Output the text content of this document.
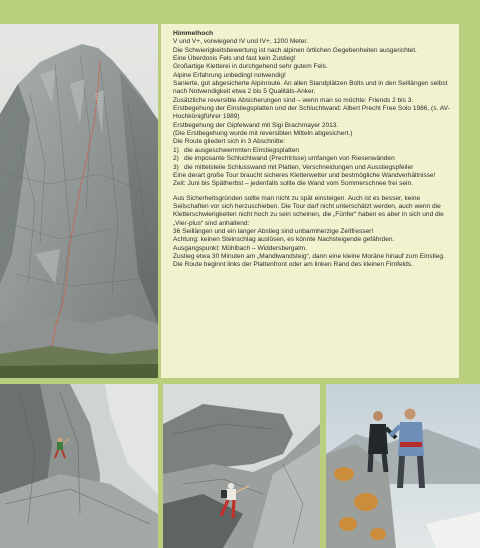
Himmelhoch

V und V+, vorwiegend IV und IV+, 1200 Meter.

Die Schwierigkeitsbewertung ist nach alpinen örtlichen Gegebenheiten ausgerichtet.

Eine Überdosis Fels und fast kein Zustieg!

Großartige Kletterei in durchgehend sehr gutem Fels.

Alpine Erfahrung unbedingt notwendig!

Sanierte, gut abgesicherte Alpinroute. An allen Standplätzen Bolts und in den Seillängen selbst nach Notwendigkeit etwa 2 bis 5 Qualitäts-Anker.

Zusätzliche reversible Absicherungen sind – wenn man so möchte: Friends 2 bis 3.

Erstbegehung der Einstiegsplatten und der Schluchtwand: Albert Precht Free Solo 1986, (s. AV-Hochkönigführer 1989)

Erstbegehung der Gipfelwand mit Sigi Brachmayer 2013.

(Die Erstbegehung wurde mit reversiblen Mitteln abgesichert.)

Die Route gliedert sich in 3 Abschnitte:

1) die ausgeschwemmten Einstiegsplatten
2) die imposante Schluchtwand (Prechtrisse) umfangen von Riesenwänden
3) die mittelsteile Schlusswand mit Platten, Verschneidungen und Ausstiegspfeiler

Eine derart große Tour braucht sicheres Kletterwetter und bestmögliche Wandverhältnisse!

Zeit: Juni bis Spätherbst – jedenfalls sollte die Wand vom Sommerschnee frei sein.

Aus Sicherheitsgründen sollte man nicht zu spät einsteigen. Auch ist es besser, keine Seilschaften vor sich herzuschieben. Die Tour darf nicht unterschätzt werden, auch wenn die Kletterschwierigkeiten nicht hoch zu sein scheinen, die „Fünfer“ haben es aber in sich und die „Vier-plus“ sind anhaltend:

36 Seillängen und ein langer Abstieg sind unbarmherzige Zeitfresser!

Achtung: keinen Steinschlag auslösen, es könnte Nachsteigende gefährden.

Ausgangspunkt: Mühlbach – Widdersbergalm.

Zustieg etwa 30 Minuten am „Mandlwandsteig“, dann eine kleine Moräne hinauf zum Einstieg. Die Route beginnt links der Plattenfront oder am linken Rand des kleinen Firnfelds.
